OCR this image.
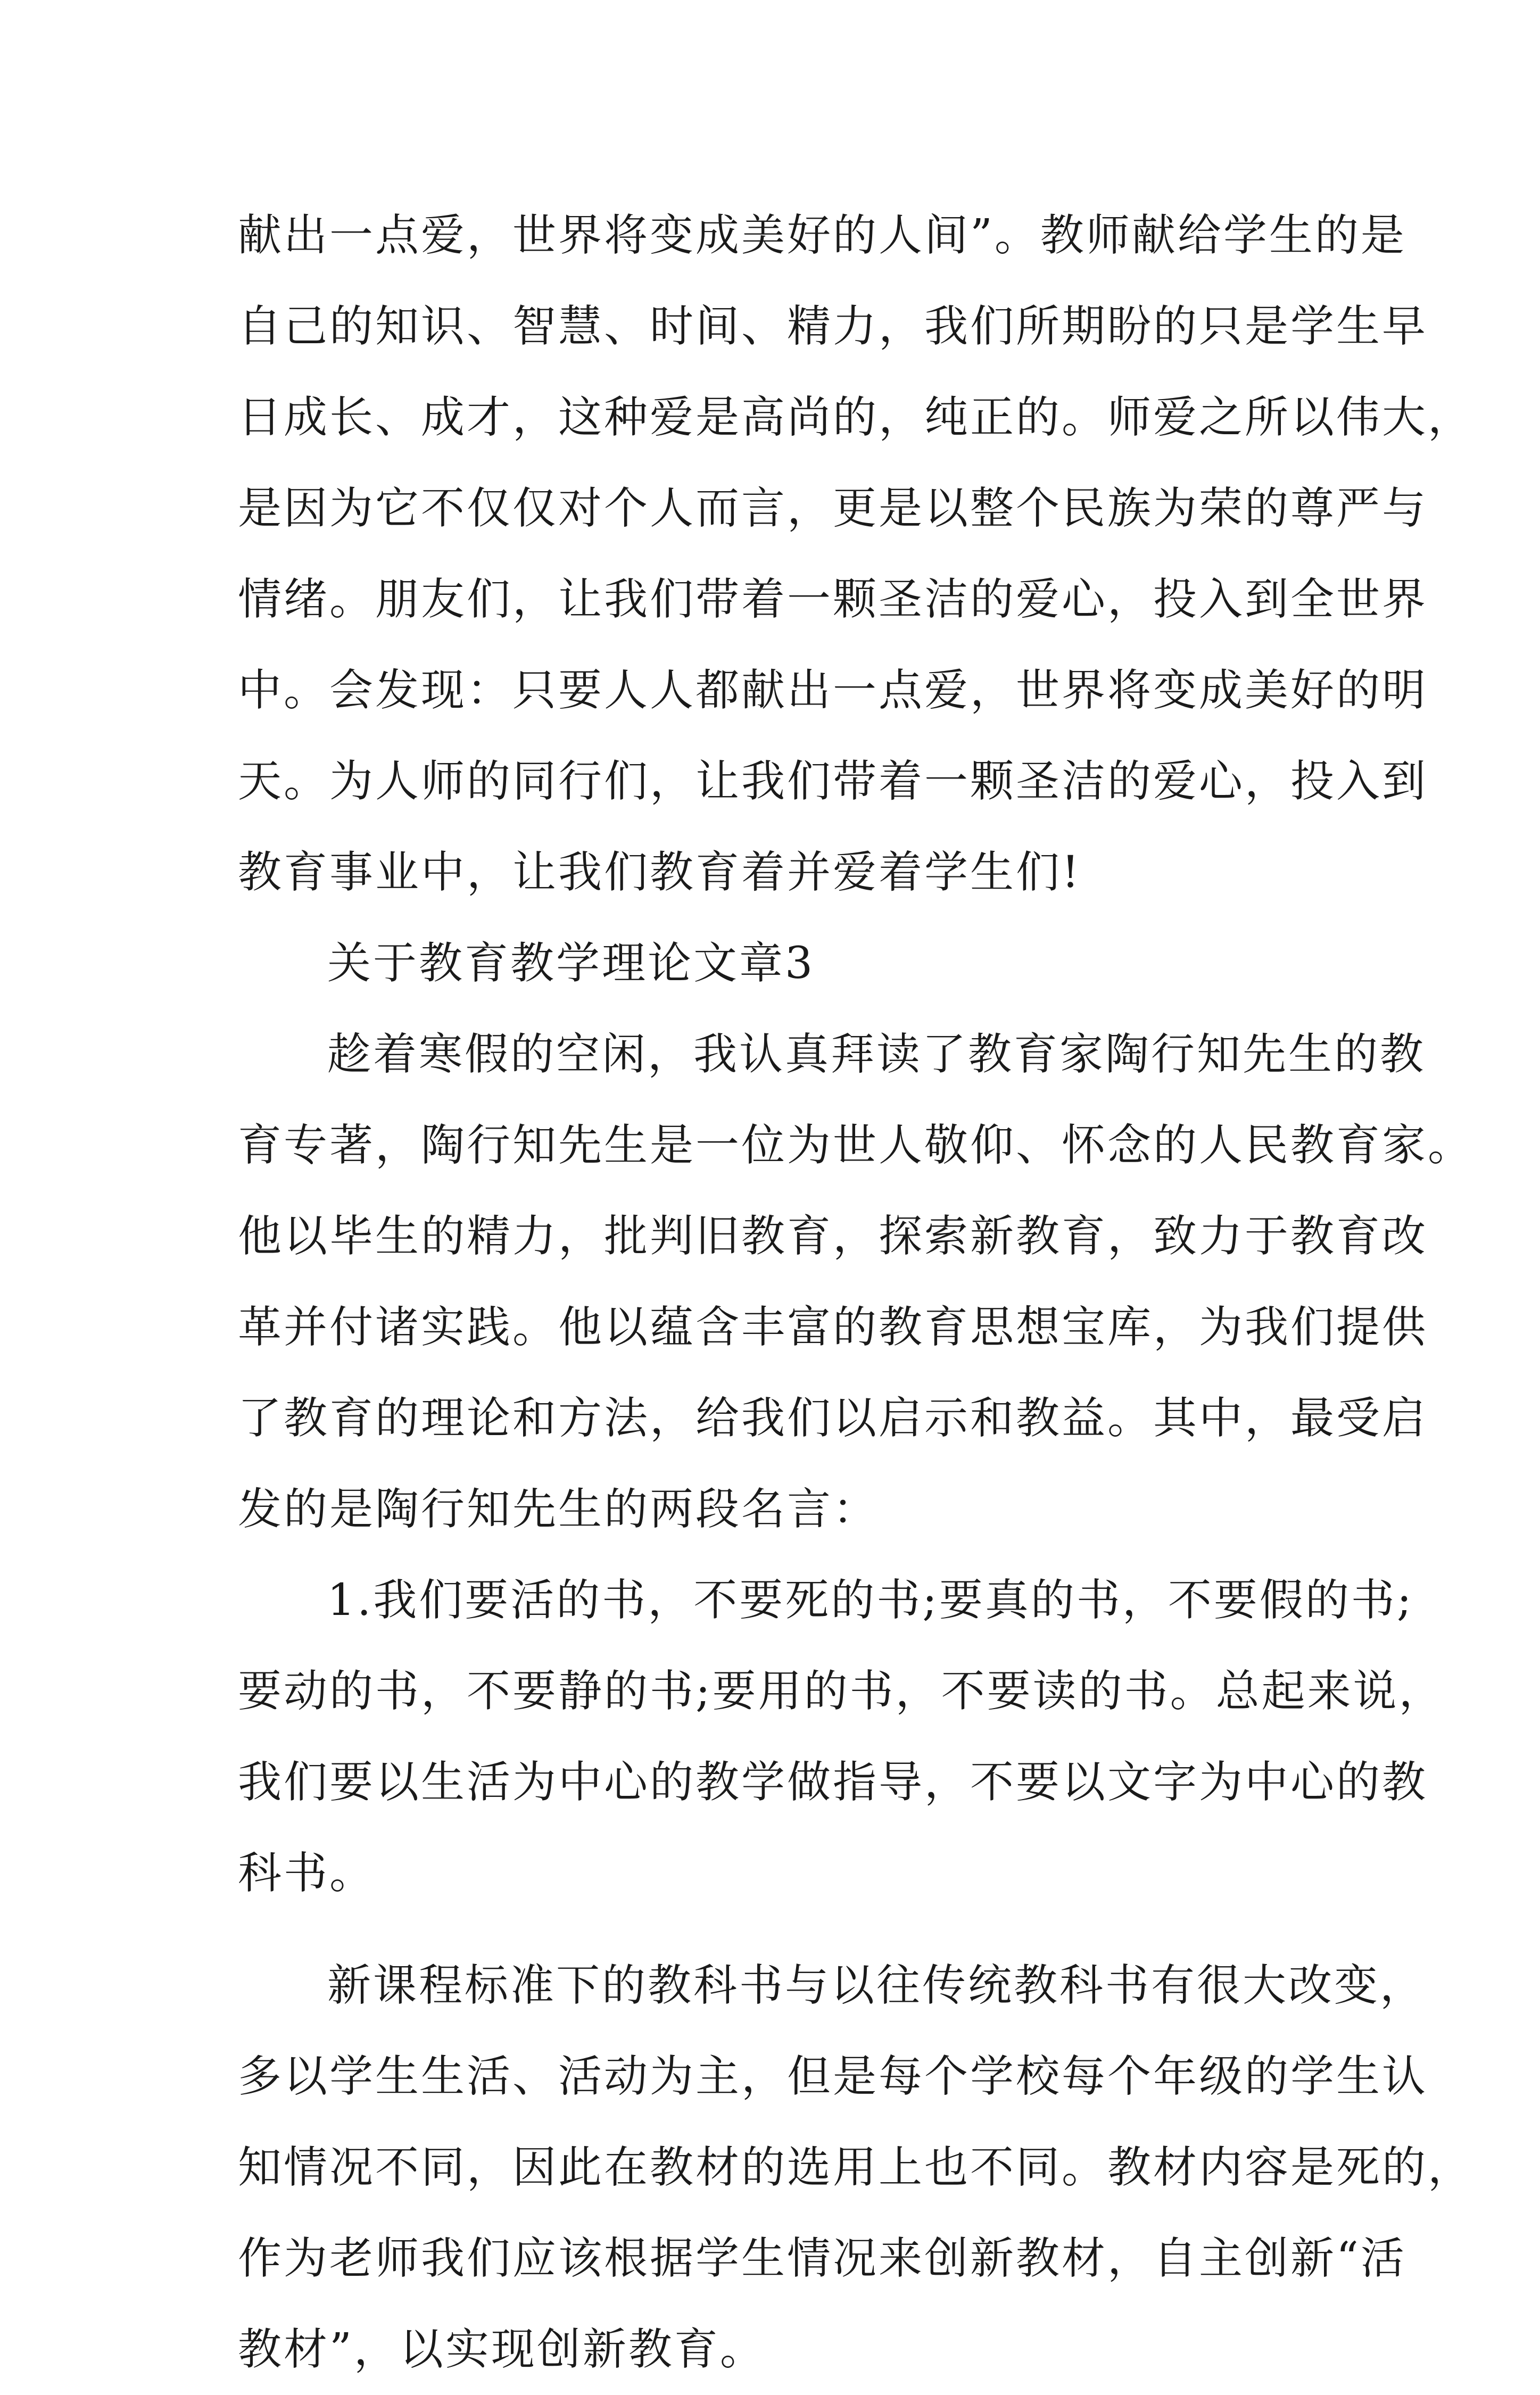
献出一点爱，世界将变成美好的人间”。教师献给学生的是
自己的知识、智慧、时间、精力，我们所期盼的只是学生早
日成长、成才，这种爱是高尚的，纯正的。师爱之所以伟大，
是因为它不仅仅对个人而言，更是以整个民族为荣的尊严与
情绪。朋友们，让我们带着一颗圣洁的爱心，投入到全世界
中。会发现：只要人人都献出一点爱，世界将变成美好的明
天。为人师的同行们，让我们带着一颗圣洁的爱心，投入到
教育事业中，让我们教育着并爱着学生们!
关于教育教学理论文章3
趁着寒假的空闲，我认真拜读了教育家陶行知先生的教
育专著，陶行知先生是一位为世人敬仰、怀念的人民教育家。
他以毕生的精力，批判旧教育，探索新教育，致力于教育改
革并付诸实践。他以蕴含丰富的教育思想宝库，为我们提供
了教育的理论和方法，给我们以启示和教益。其中，最受启
发的是陶行知先生的两段名言：
1.我们要活的书，不要死的书;要真的书，不要假的书;
要动的书，不要静的书;要用的书，不要读的书。总起来说，
我们要以生活为中心的教学做指导，不要以文字为中心的教
科书。
新课程标准下的教科书与以往传统教科书有很大改变，
多以学生生活、活动为主，但是每个学校每个年级的学生认
知情况不同，因此在教材的选用上也不同。教材内容是死的，
作为老师我们应该根据学生情况来创新教材，自主创新“活
教材”，以实现创新教育。
